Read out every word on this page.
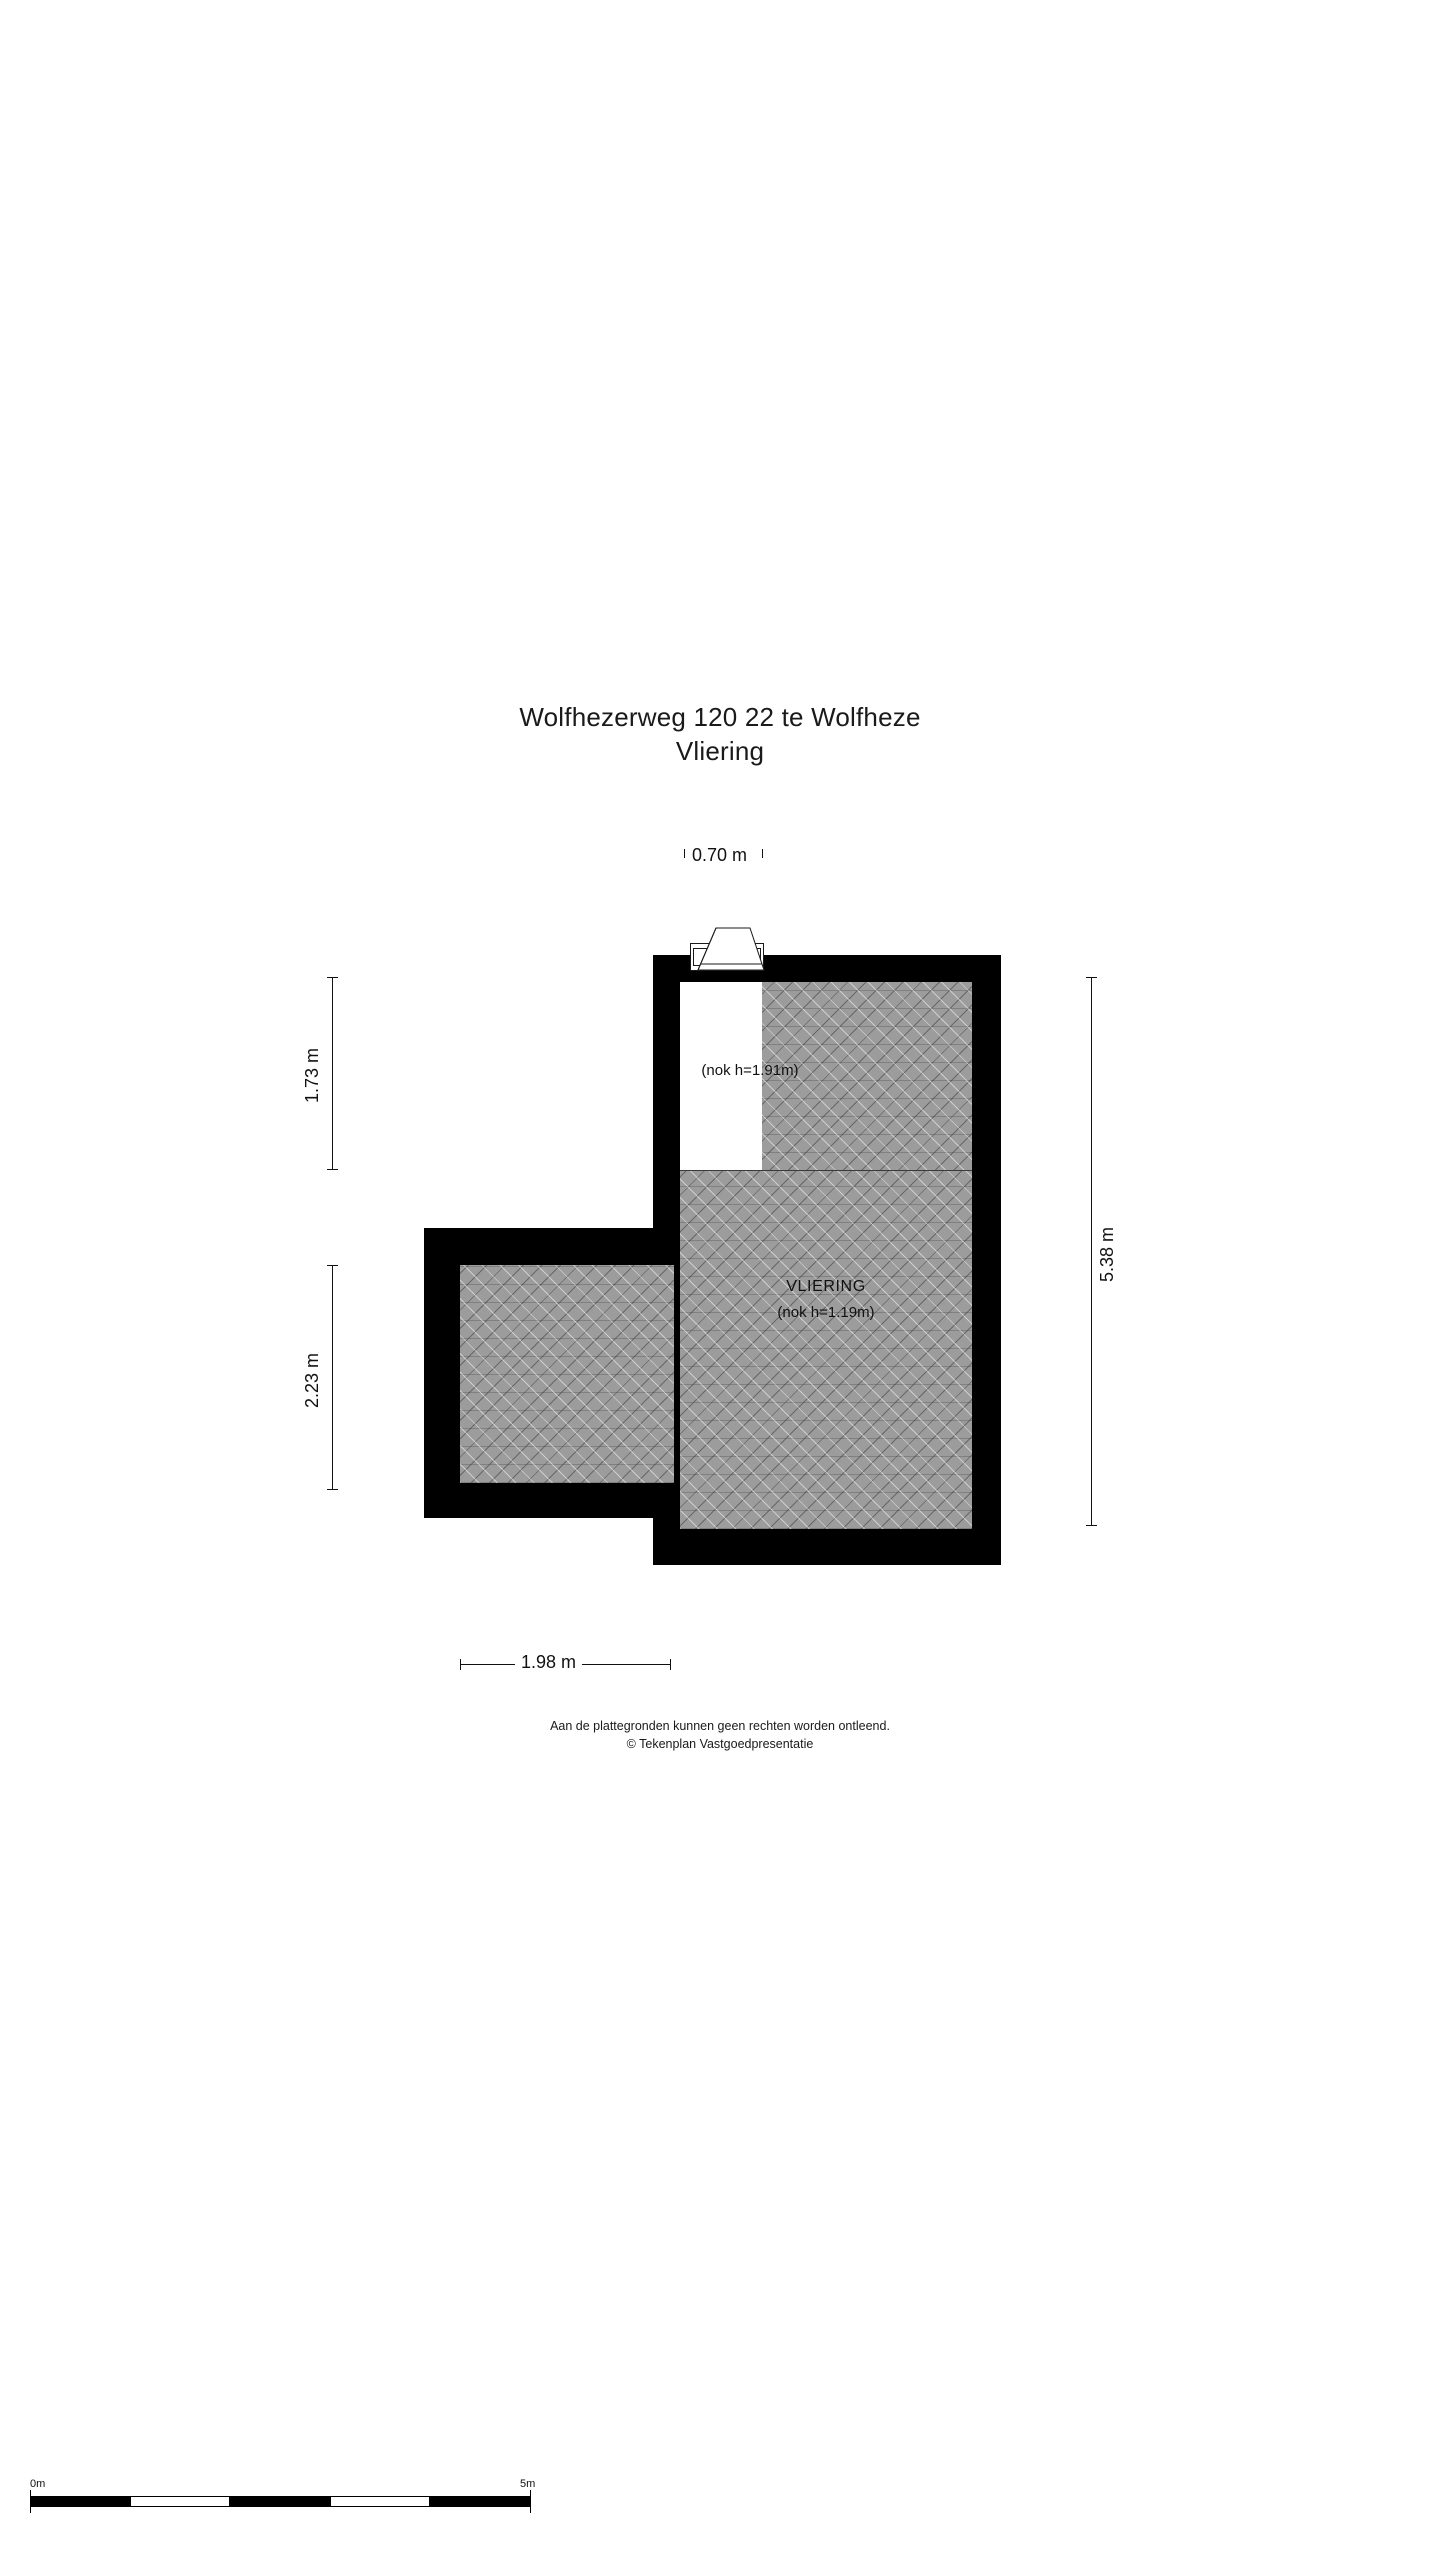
Wolfhezerweg 120 22 te Wolfheze
Vliering
VLIERING
(nok h=1.19m)
(nok h=1.91m)
0.70 m
1.73 m
2.23 m
5.38 m
1.98 m
Aan de plattegronden kunnen geen rechten worden ontleend.
© Tekenplan Vastgoedpresentatie
0m	5m
